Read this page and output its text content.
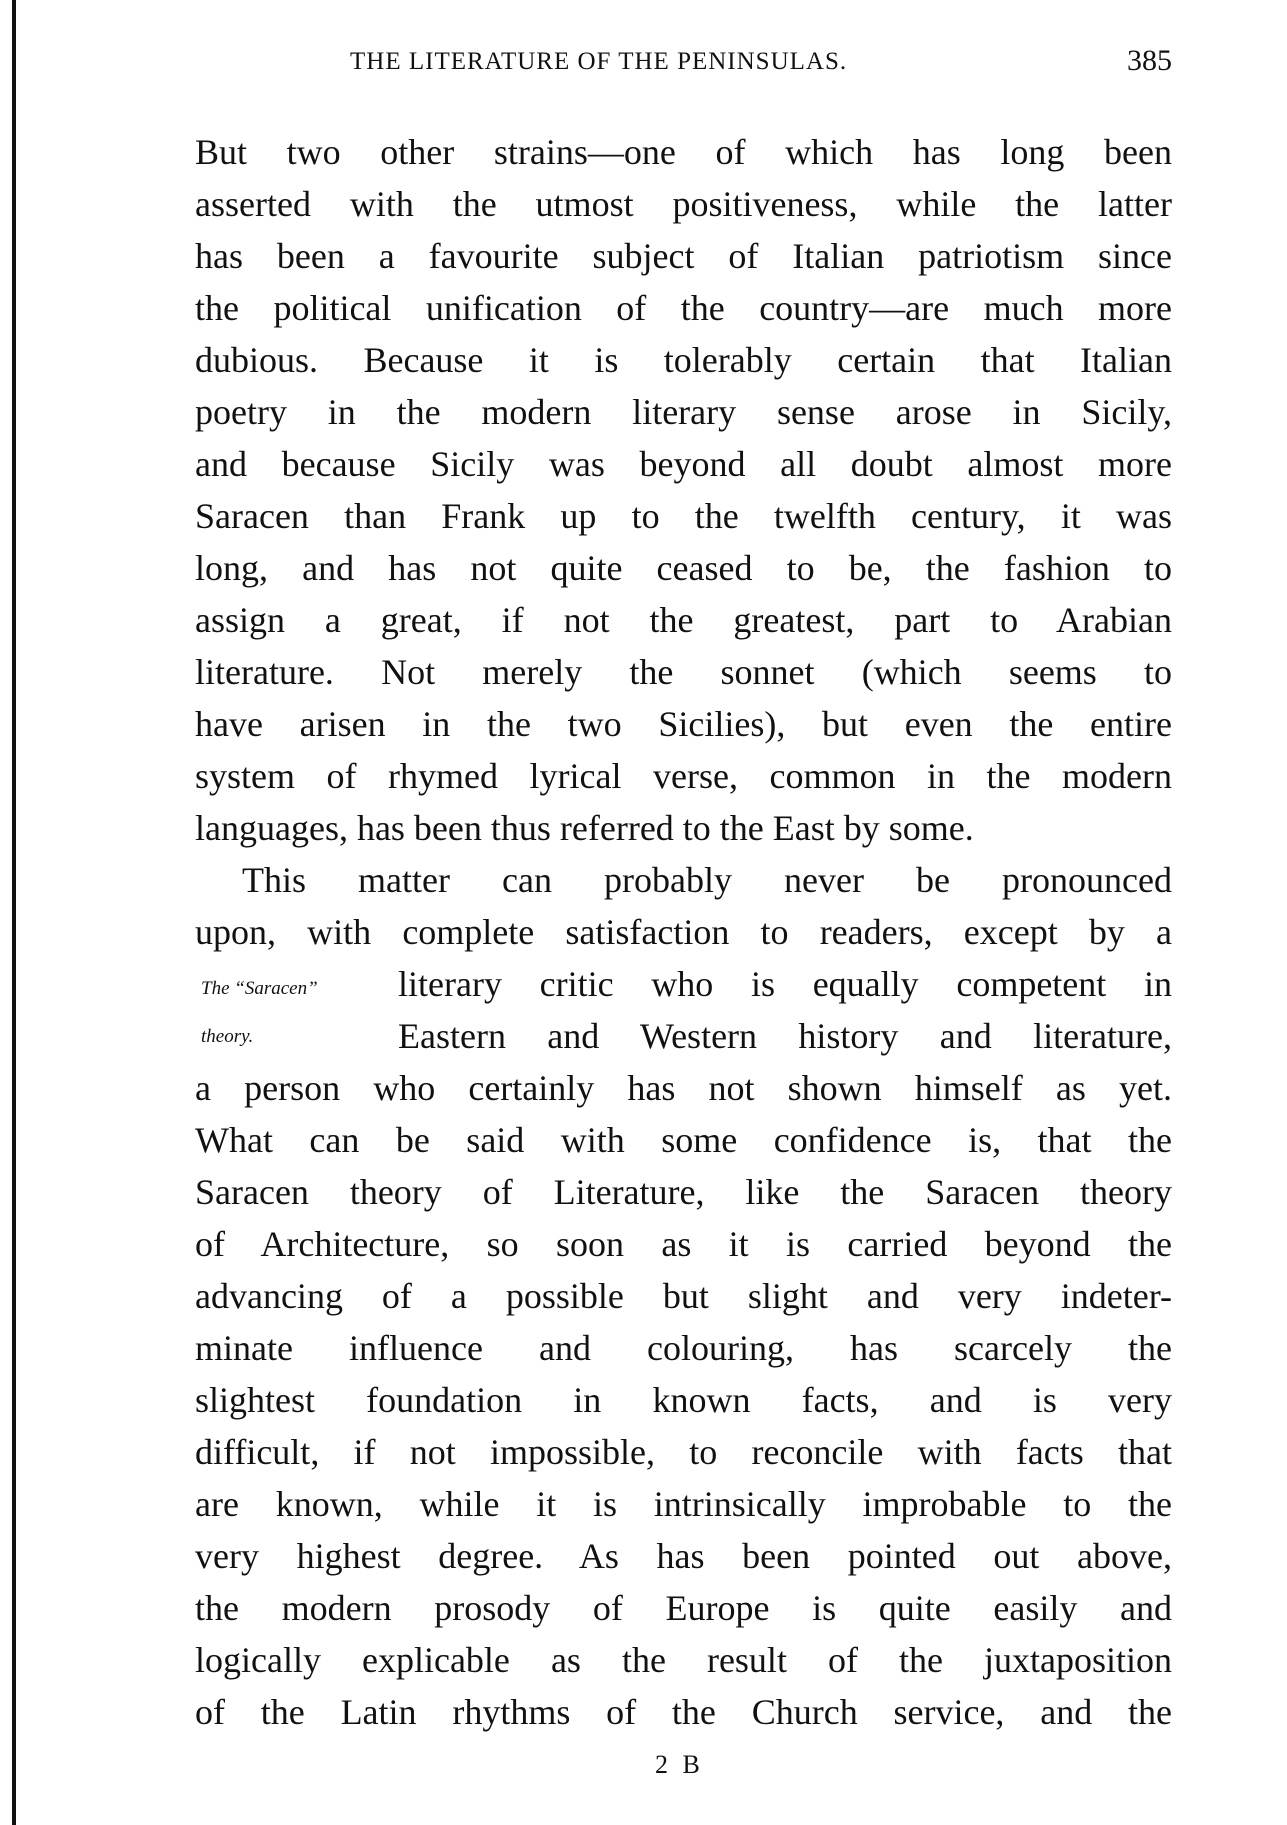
THE LITERATURE OF THE PENINSULAS.	385
But two other strains—one of which has long been
asserted with the utmost positiveness, while the latter
has been a favourite subject of Italian patriotism since
the political unification of the country—are much more
dubious. Because it is tolerably certain that Italian
poetry in the modern literary sense arose in Sicily,
and because Sicily was beyond all doubt almost more
Saracen than Frank up to the twelfth century, it was
long, and has not quite ceased to be, the fashion to
assign a great, if not the greatest, part to Arabian
literature. Not merely the sonnet (which seems to
have arisen in the two Sicilies), but even the entire
system of rhymed lyrical verse, common in the modern
languages, has been thus referred to the East by some.
This matter can probably never be pronounced
upon, with complete satisfaction to readers, except by a
literary critic who is equally competent in
Eastern and Western history and literature,
a person who certainly has not shown himself as yet.
What can be said with some confidence is, that the
Saracen theory of Literature, like the Saracen theory
of Architecture, so soon as it is carried beyond the
advancing of a possible but slight and very indeter-
minate influence and colouring, has scarcely the
slightest foundation in known facts, and is very
difficult, if not impossible, to reconcile with facts that
are known, while it is intrinsically improbable to the
very highest degree. As has been pointed out above,
the modern prosody of Europe is quite easily and
logically explicable as the result of the juxtaposition
of the Latin rhythms of the Church service, and the
The “Saracen”
theory.
2 B
